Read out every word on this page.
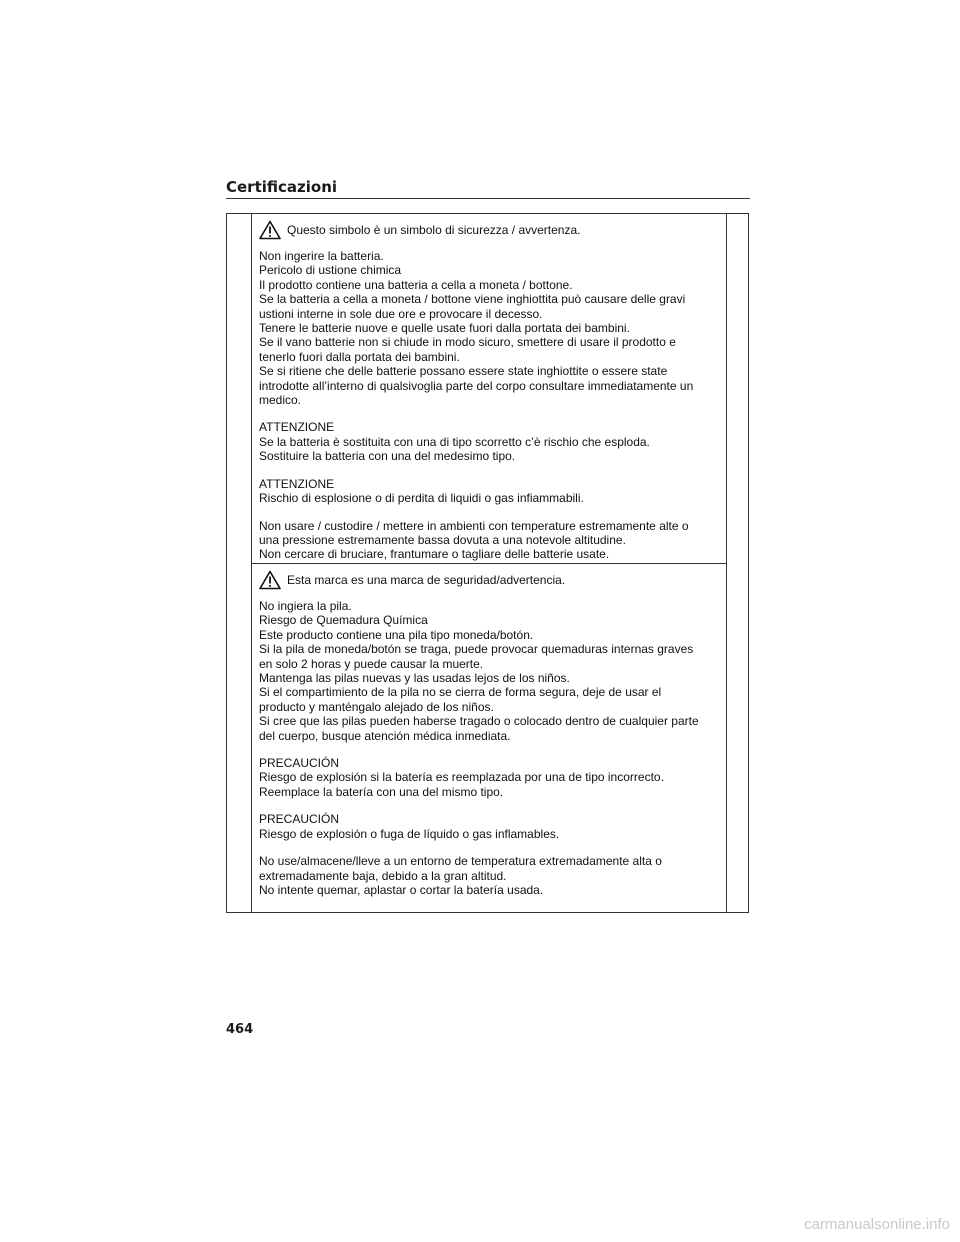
Certificazioni
Questo simbolo è un simbolo di sicurezza / avvertenza.
Non ingerire la batteria.
Pericolo di ustione chimica
Il prodotto contiene una batteria a cella a moneta / bottone.
Se la batteria a cella a moneta / bottone viene inghiottita può causare delle gravi
ustioni interne in sole due ore e provocare il decesso.
Tenere le batterie nuove e quelle usate fuori dalla portata dei bambini.
Se il vano batterie non si chiude in modo sicuro, smettere di usare il prodotto e
tenerlo fuori dalla portata dei bambini.
Se si ritiene che delle batterie possano essere state inghiottite o essere state
introdotte all’interno di qualsivoglia parte del corpo consultare immediatamente un
medico.
ATTENZIONE
Se la batteria è sostituita con una di tipo scorretto c’è rischio che esploda.
Sostituire la batteria con una del medesimo tipo.
ATTENZIONE
Rischio di esplosione o di perdita di liquidi o gas infiammabili.
Non usare / custodire / mettere in ambienti con temperature estremamente alte o
una pressione estremamente bassa dovuta a una notevole altitudine.
Non cercare di bruciare, frantumare o tagliare delle batterie usate.
Esta marca es una marca de seguridad/advertencia.
No ingiera la pila.
Riesgo de Quemadura Química
Este producto contiene una pila tipo moneda/botón.
Si la pila de moneda/botón se traga, puede provocar quemaduras internas graves
en solo 2 horas y puede causar la muerte.
Mantenga las pilas nuevas y las usadas lejos de los niños.
Si el compartimiento de la pila no se cierra de forma segura, deje de usar el
producto y manténgalo alejado de los niños.
Si cree que las pilas pueden haberse tragado o colocado dentro de cualquier parte
del cuerpo, busque atención médica inmediata.
PRECAUCIÓN
Riesgo de explosión si la batería es reemplazada por una de tipo incorrecto.
Reemplace la batería con una del mismo tipo.
PRECAUCIÓN
Riesgo de explosión o fuga de líquido o gas inflamables.
No use/almacene/lleve a un entorno de temperatura extremadamente alta o
extremadamente baja, debido a la gran altitud.
No intente quemar, aplastar o cortar la batería usada.
464
carmanualsonline.info
